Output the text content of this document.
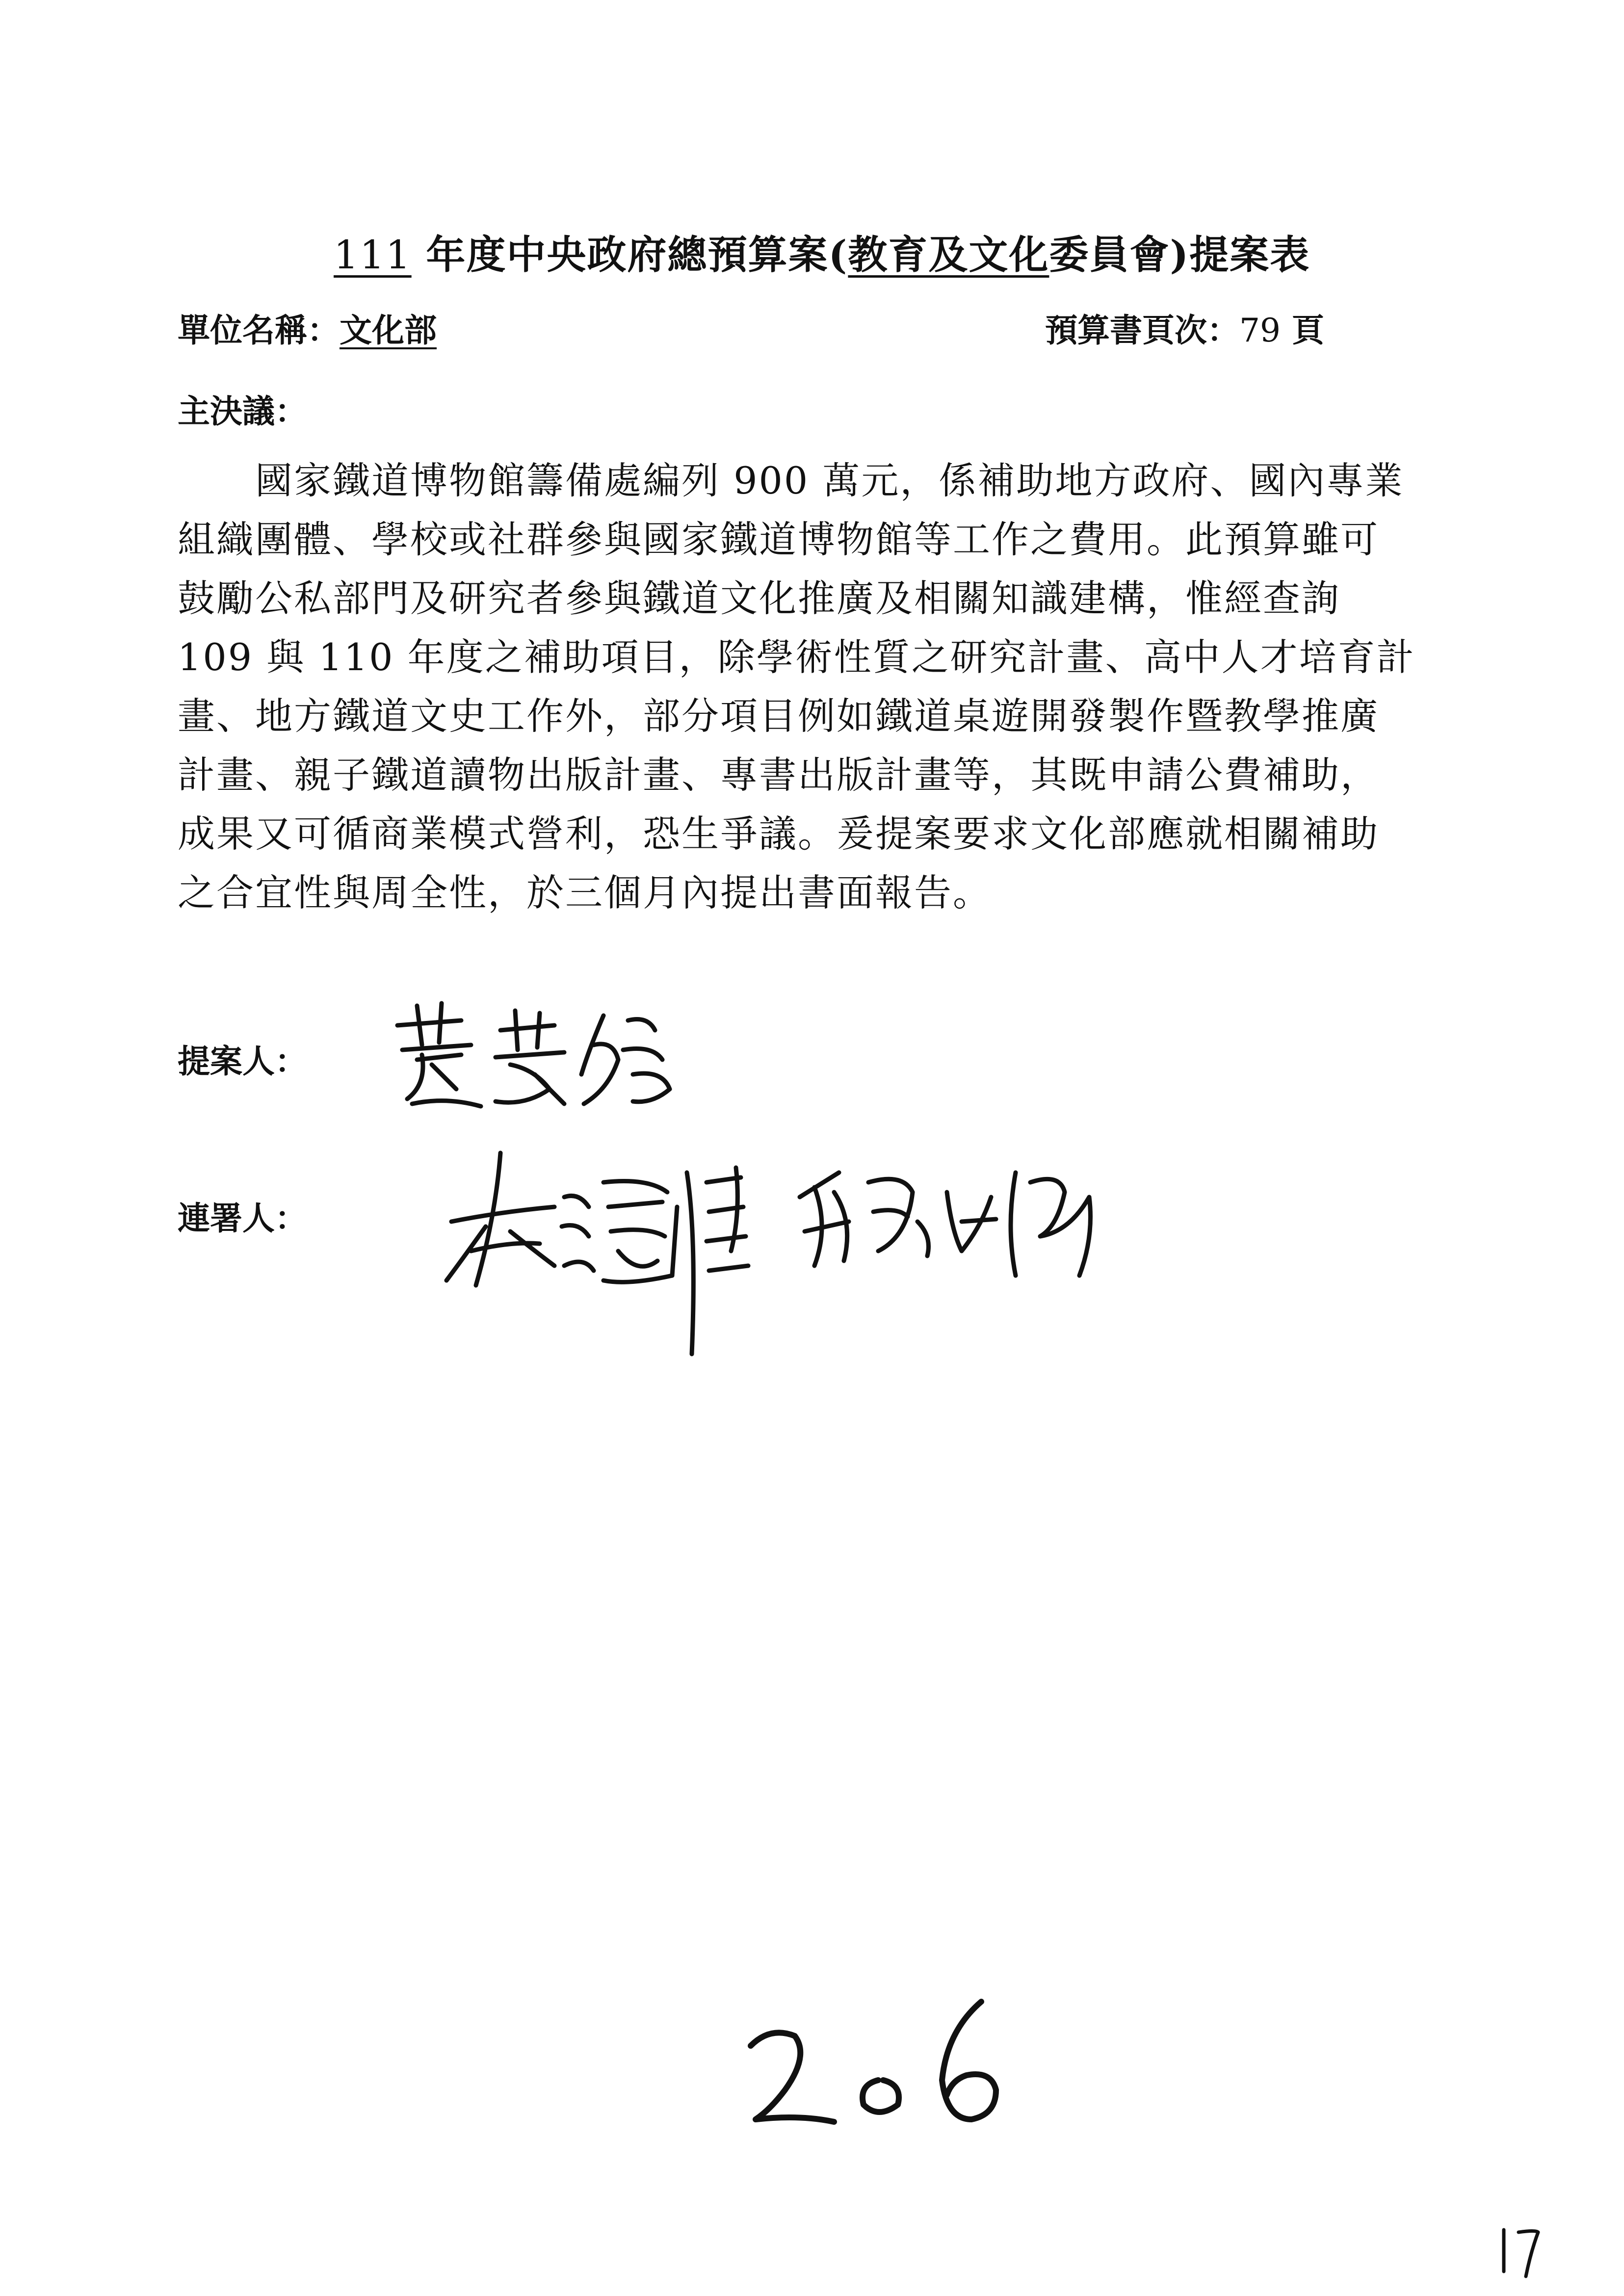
111 年度中央政府總預算案(教育及文化委員會)提案表
單位名稱：文化部	預算書頁次：79 頁
主決議：
　　國家鐵道博物館籌備處編列 900 萬元，係補助地方政府、國內專業
組織團體、學校或社群參與國家鐵道博物館等工作之費用。此預算雖可
鼓勵公私部門及研究者參與鐵道文化推廣及相關知識建構，惟經查詢
109 與 110 年度之補助項目，除學術性質之研究計畫、高中人才培育計
畫、地方鐵道文史工作外，部分項目例如鐵道桌遊開發製作暨教學推廣
計畫、親子鐵道讀物出版計畫、專書出版計畫等，其既申請公費補助，
成果又可循商業模式營利，恐生爭議。爰提案要求文化部應就相關補助
之合宜性與周全性，於三個月內提出書面報告。
提案人：
連署人：
